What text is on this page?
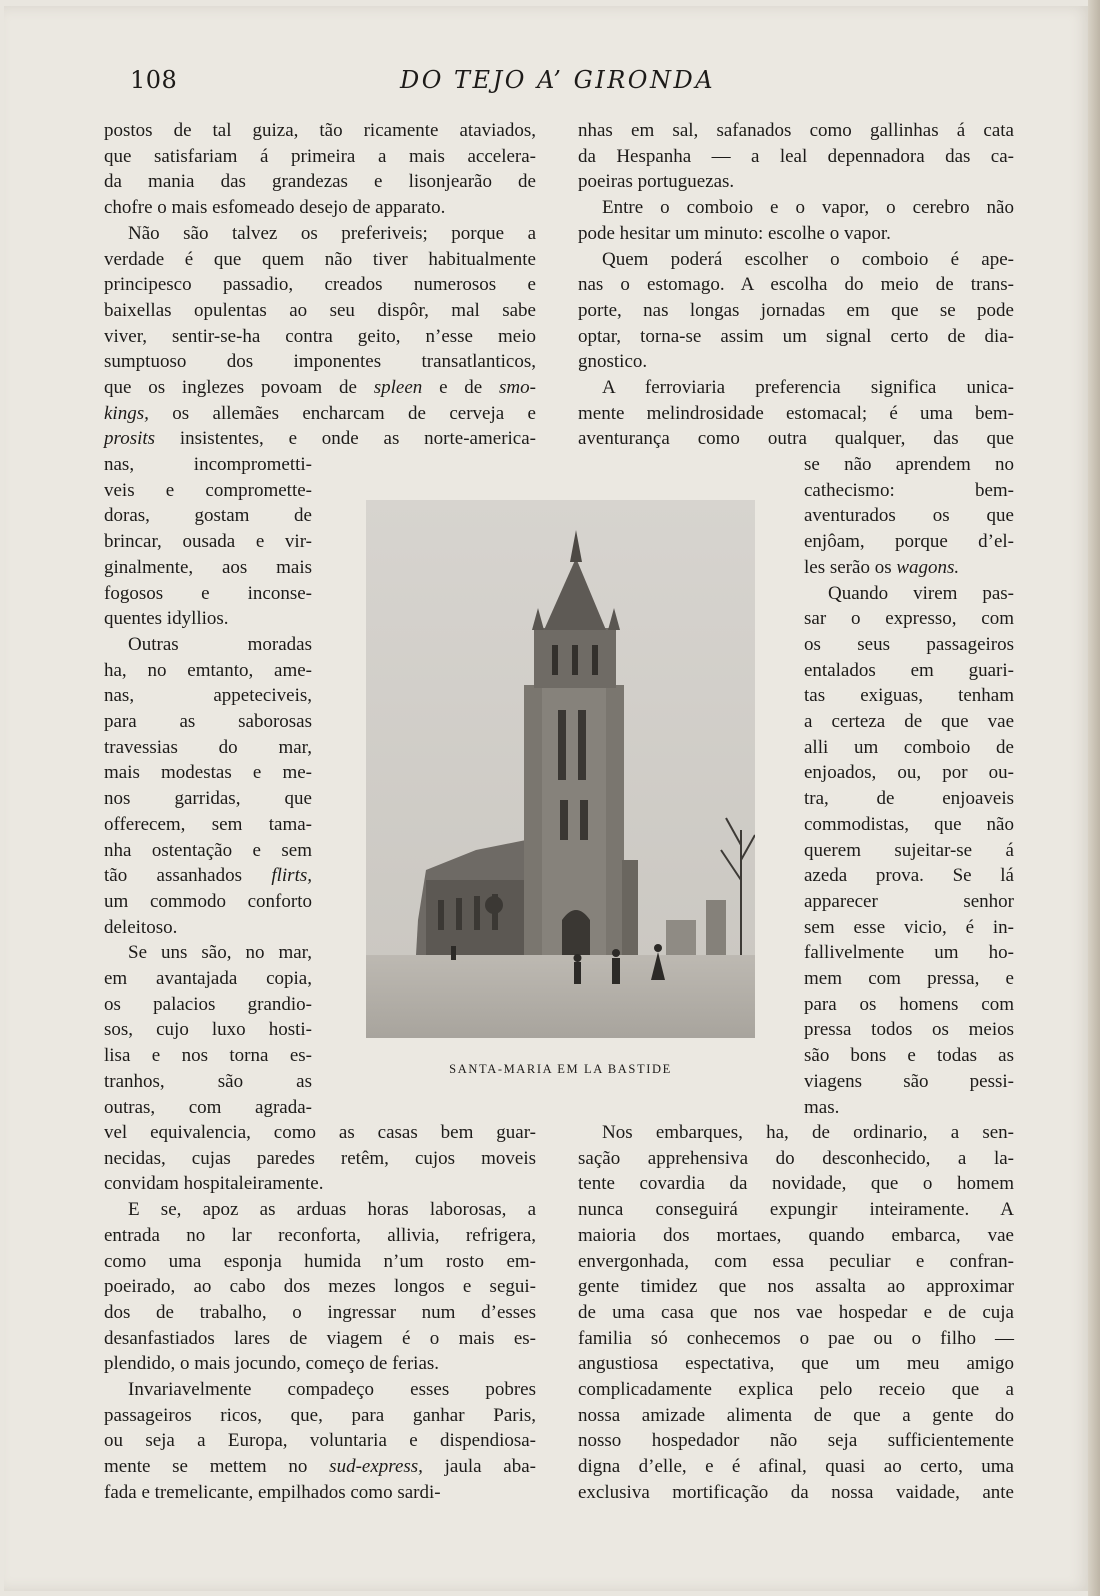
108	DO TEJO A’ GIRONDA
postos de tal guiza, tão ricamente ataviados,
que satisfariam á primeira a mais accelera-
da mania das grandezas e lisonjearão de
chofre o mais esfomeado desejo de apparato.
Não são talvez os preferiveis; porque a
verdade é que quem não tiver habitualmente
principesco passadio, creados numerosos e
baixellas opulentas ao seu dispôr, mal sabe
viver, sentir-se-ha contra geito, n’esse meio
sumptuoso dos imponentes transatlanticos,
que os inglezes povoam de spleen e de smo-
kings, os allemães encharcam de cerveja e
prosits insistentes, e onde as norte-america-
nas, incomprometti-
veis e compromette-
doras, gostam de
brincar, ousada e vir-
ginalmente, aos mais
fogosos e inconse-
quentes idyllios.
Outras moradas
ha, no emtanto, ame-
nas, appeteciveis,
para as saborosas
travessias do mar,
mais modestas e me-
nos garridas, que
offerecem, sem tama-
nha ostentação e sem
tão assanhados flirts,
um commodo conforto
deleitoso.
Se uns são, no mar,
em avantajada copia,
os palacios grandio-
sos, cujo luxo hosti-
lisa e nos torna es-
tranhos, são as
outras, com agrada-
vel equivalencia, como as casas bem guar-
necidas, cujas paredes retêm, cujos moveis
convidam hospitaleiramente.
E se, apoz as arduas horas laborosas, a
entrada no lar reconforta, allivia, refrigera,
como uma esponja humida n’um rosto em-
poeirado, ao cabo dos mezes longos e segui-
dos de trabalho, o ingressar num d’esses
desanfastiados lares de viagem é o mais es-
plendido, o mais jocundo, começo de ferias.
Invariavelmente compadeço esses pobres
passageiros ricos, que, para ganhar Paris,
ou seja a Europa, voluntaria e dispendiosa-
mente se mettem no sud-express, jaula aba-
fada e tremelicante, empilhados como sardi-
nhas em sal, safanados como gallinhas á cata
da Hespanha — a leal depennadora das ca-
poeiras portuguezas.
Entre o comboio e o vapor, o cerebro não
pode hesitar um minuto: escolhe o vapor.
Quem poderá escolher o comboio é ape-
nas o estomago. A escolha do meio de trans-
porte, nas longas jornadas em que se pode
optar, torna-se assim um signal certo de dia-
gnostico.
A ferroviaria preferencia significa unica-
mente melindrosidade estomacal; é uma bem-
aventurança como outra qualquer, das que
se não aprendem no
cathecismo: bem-
aventurados os que
enjôam, porque d’el-
les serão os wagons.
Quando virem pas-
sar o expresso, com
os seus passageiros
entalados em guari-
tas exiguas, tenham
a certeza de que vae
alli um comboio de
enjoados, ou, por ou-
tra, de enjoaveis
commodistas, que não
querem sujeitar-se á
azeda prova. Se lá
apparecer senhor
sem esse vicio, é in-
fallivelmente um ho-
mem com pressa, e
para os homens com
pressa todos os meios
são bons e todas as
viagens são pessi-
mas.
Nos embarques, ha, de ordinario, a sen-
sação apprehensiva do desconhecido, a la-
tente covardia da novidade, que o homem
nunca conseguirá expungir inteiramente. A
maioria dos mortaes, quando embarca, vae
envergonhada, com essa peculiar e confran-
gente timidez que nos assalta ao approximar
de uma casa que nos vae hospedar e de cuja
familia só conhecemos o pae ou o filho —
angustiosa espectativa, que um meu amigo
complicadamente explica pelo receio que a
nossa amizade alimenta de que a gente do
nosso hospedador não seja sufficientemente
digna d’elle, e é afinal, quasi ao certo, uma
exclusiva mortificação da nossa vaidade, ante
SANTA-MARIA EM LA BASTIDE
